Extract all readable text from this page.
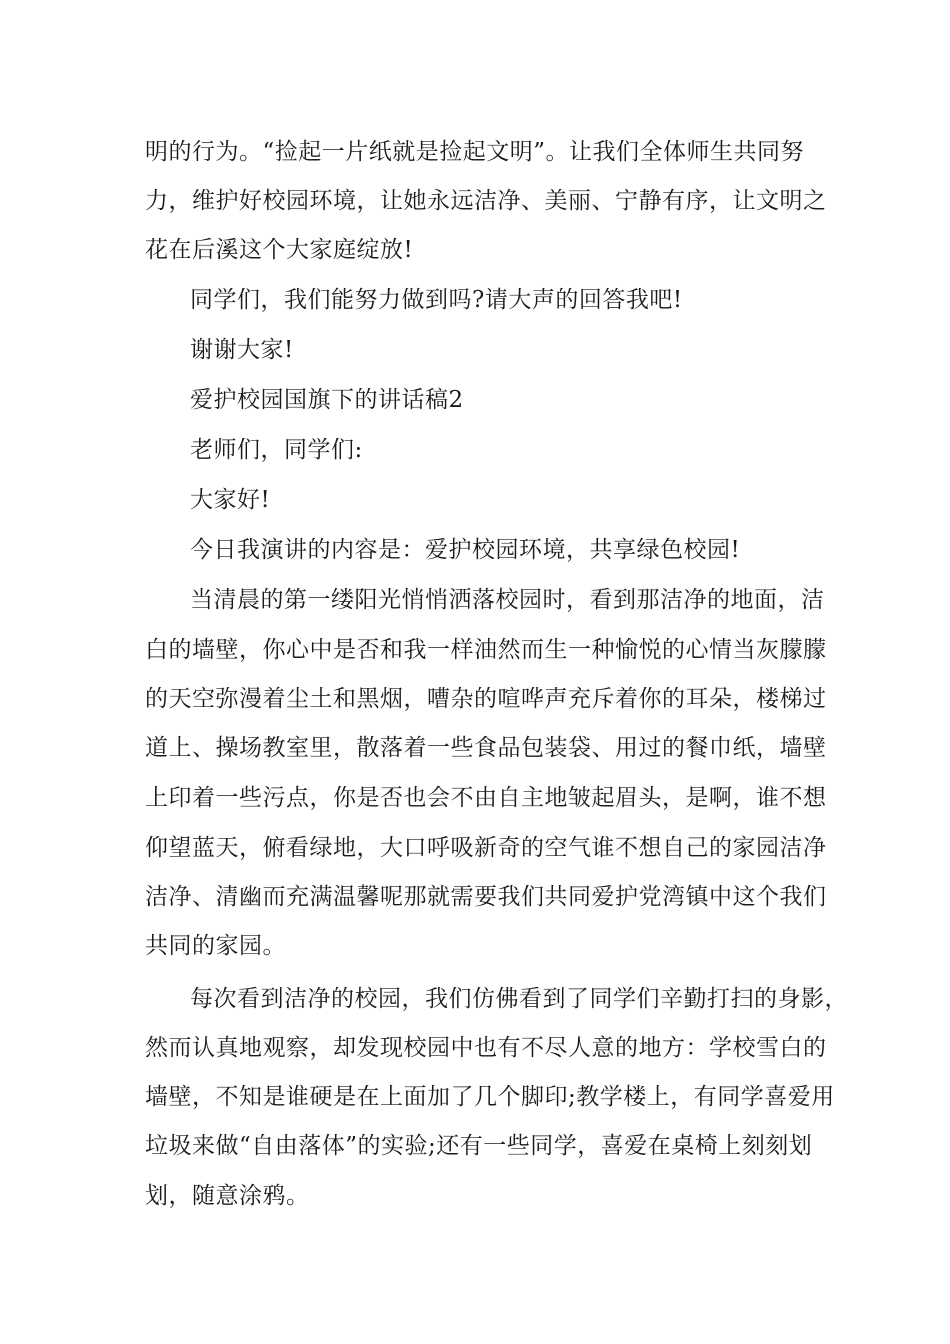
明的行为。“捡起一片纸就是捡起文明”。让我们全体师生共同努
力，维护好校园环境，让她永远洁净、美丽、宁静有序，让文明之
花在后溪这个大家庭绽放!
同学们，我们能努力做到吗?请大声的回答我吧!
谢谢大家!
爱护校园国旗下的讲话稿2
老师们，同学们:
大家好!
今日我演讲的内容是：爱护校园环境，共享绿色校园!
当清晨的第一缕阳光悄悄洒落校园时，看到那洁净的地面，洁
白的墙壁，你心中是否和我一样油然而生一种愉悦的心情当灰朦朦
的天空弥漫着尘土和黑烟，嘈杂的喧哗声充斥着你的耳朵，楼梯过
道上、操场教室里，散落着一些食品包装袋、用过的餐巾纸，墙壁
上印着一些污点，你是否也会不由自主地皱起眉头，是啊，谁不想
仰望蓝天，俯看绿地，大口呼吸新奇的空气谁不想自己的家园洁净
洁净、清幽而充满温馨呢那就需要我们共同爱护党湾镇中这个我们
共同的家园。
每次看到洁净的校园，我们仿佛看到了同学们辛勤打扫的身影，
然而认真地观察，却发现校园中也有不尽人意的地方：学校雪白的
墙壁，不知是谁硬是在上面加了几个脚印;教学楼上，有同学喜爱用
垃圾来做“自由落体”的实验;还有一些同学，喜爱在桌椅上刻刻划
划，随意涂鸦。
